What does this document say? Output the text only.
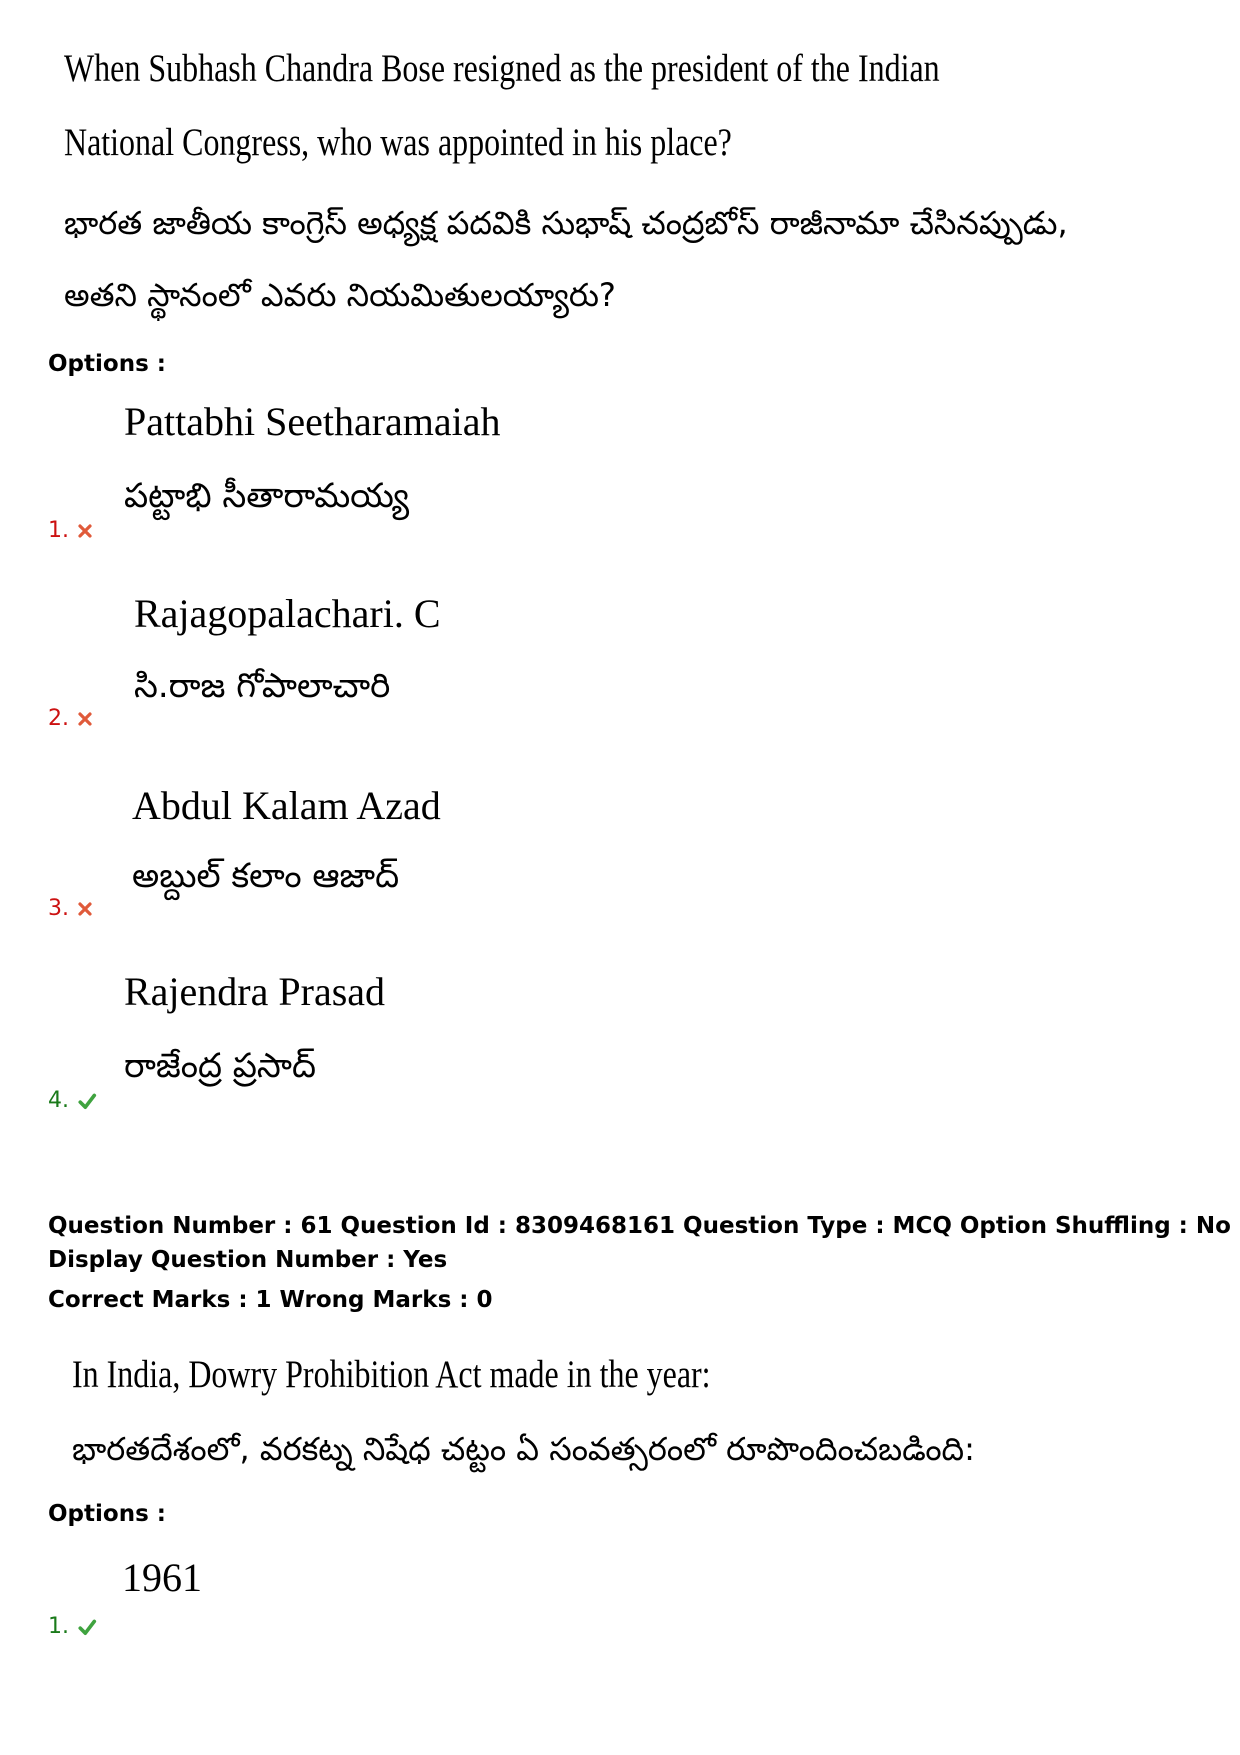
When Subhash Chandra Bose resigned as the president of the Indian
National Congress, who was appointed in his place?
భారత జాతీయ కాంగ్రెస్ అధ్యక్ష పదవికి సుభాష్ చంద్రబోస్ రాజీనామా చేసినప్పుడు,
అతని స్థానంలో ఎవరు నియమితులయ్యారు?
Options :
Pattabhi Seetharamaiah
పట్టాభి సీతారామయ్య
1.
Rajagopalachari. C
సి.రాజ గోపాలాచారి
2.
Abdul Kalam Azad
అబ్దుల్ కలాం ఆజాద్
3.
Rajendra Prasad
రాజేంద్ర ప్రసాద్
4.
Question Number : 61 Question Id : 8309468161 Question Type : MCQ Option Shuffling : No
Display Question Number : Yes
Correct Marks : 1 Wrong Marks : 0
In India, Dowry Prohibition Act made in the year:
భారతదేశంలో, వరకట్న నిషేధ చట్టం ఏ సంవత్సరంలో రూపొందించబడింది:
Options :
1961
1.
